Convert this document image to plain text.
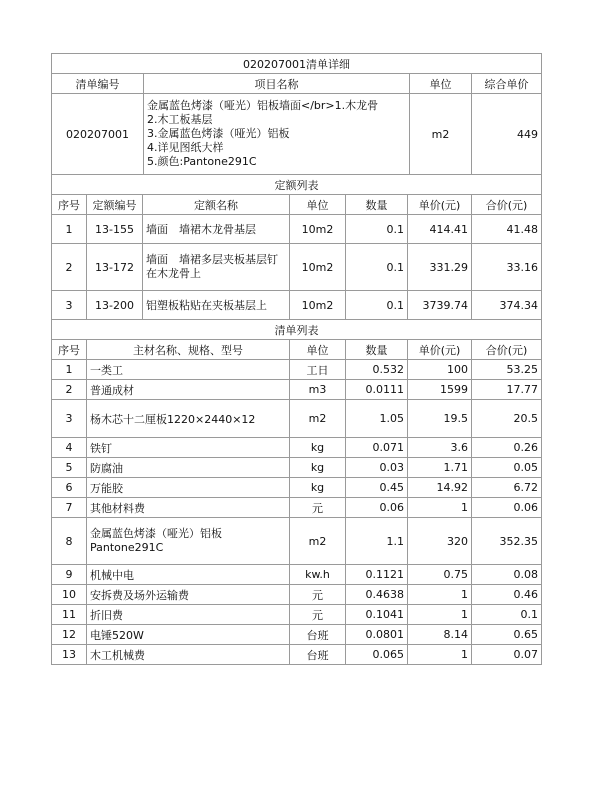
020207001清单详细			
清单编号	项目名称	单位	综合单价
020207001	金属蓝色烤漆（哑光）铝板墙面</br>1.木龙骨
2.木工板基层
3.金属蓝色烤漆（哑光）铝板
4.详见图纸大样
5.颜色:Pantone291C	m2	449
定额列表						
序号	定额编号	定额名称	单位	数量	单价(元)	合价(元)
1	13-155	墙面　墙裙木龙骨基层	10m2	0.1	414.41	41.48
2	13-172	墙面　墙裙多层夹板基层钉在木龙骨上	10m2	0.1	331.29	33.16
3	13-200	铝塑板粘贴在夹板基层上	10m2	0.1	3739.74	374.34
清单列表					
序号	主材名称、规格、型号	单位	数量	单价(元)	合价(元)
1	一类工	工日	0.532	100	53.25
2	普通成材	m3	0.0111	1599	17.77
3	杨木芯十二厘板1220×2440×12	m2	1.05	19.5	20.5
4	铁钉	kg	0.071	3.6	0.26
5	防腐油	kg	0.03	1.71	0.05
6	万能胶	kg	0.45	14.92	6.72
7	其他材料费	元	0.06	1	0.06
8	金属蓝色烤漆（哑光）铝板Pantone291C	m2	1.1	320	352.35
9	机械中电	kw.h	0.1121	0.75	0.08
10	安拆费及场外运输费	元	0.4638	1	0.46
11	折旧费	元	0.1041	1	0.1
12	电锤520W	台班	0.0801	8.14	0.65
13	木工机械费	台班	0.065	1	0.07
